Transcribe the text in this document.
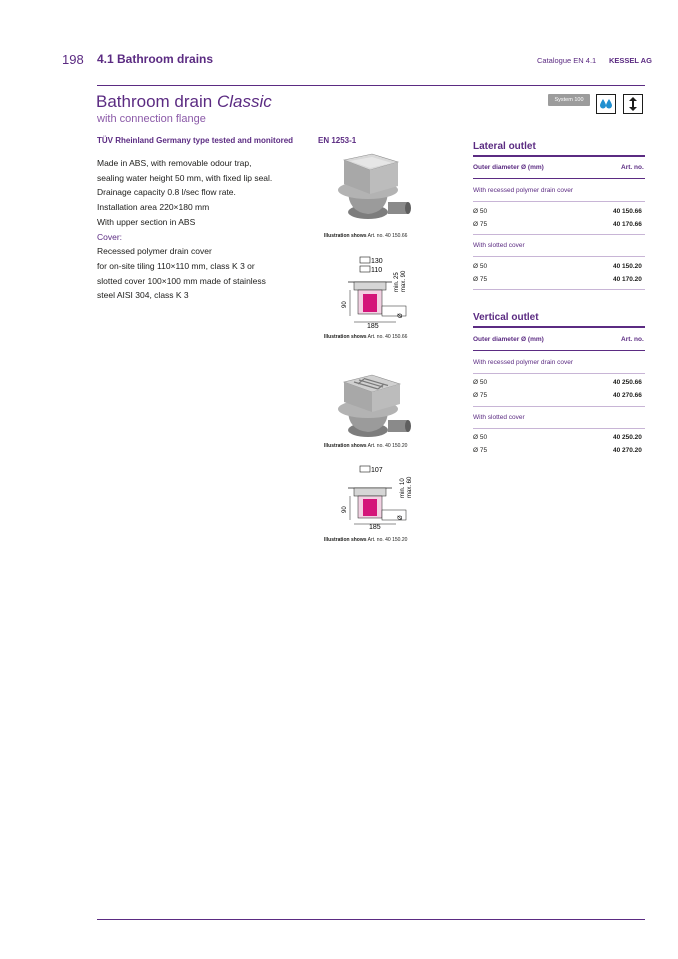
198 4.1 Bathroom drains	Catalogue EN 4.1 KESSEL AG
Bathroom drain Classic
with connection flange
System 100
TÜV Rheinland Germany type tested and monitored	EN 1253-1
Made in ABS, with removable odour trap,
sealing water height 50 mm, with fixed lip seal.
Drainage capacity 0.8 l/sec flow rate.
Installation area 220×180 mm
With upper section in ABS
Cover:
Recessed polymer drain cover
for on-site tiling 110×110 mm, class K 3 or
slotted cover 100×100 mm made of stainless
steel AISI 304, class K 3
Illustration shows Art. no. 40 150.66
130
110
90
185
Ø
min. 25 max. 90
Illustration shows Art. no. 40 150.66
Illustration shows Art. no. 40 150.20
107
90
185
Ø
min. 10 max. 60
Illustration shows Art. no. 40 150.20
Lateral outlet
Outer diameter Ø (mm)	Art. no.
With recessed polymer drain cover
Ø 50	40 150.66
Ø 75	40 170.66
With slotted cover
Ø 50	40 150.20
Ø 75	40 170.20
Vertical outlet
Outer diameter Ø (mm)	Art. no.
With recessed polymer drain cover
Ø 50	40 250.66
Ø 75	40 270.66
With slotted cover
Ø 50	40 250.20
Ø 75	40 270.20
